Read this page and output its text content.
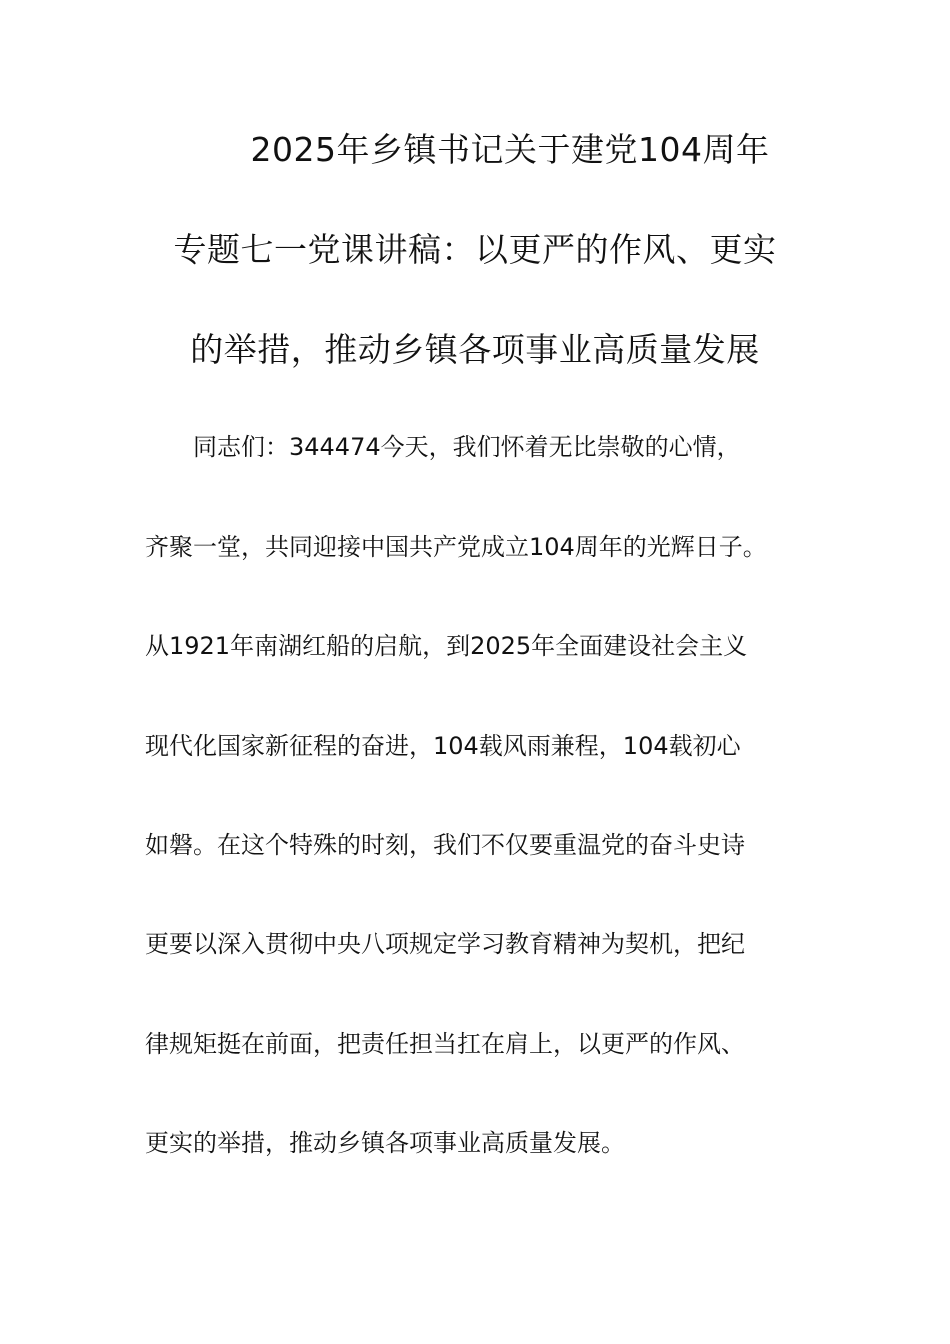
2025年乡镇书记关于建党104周年
专题七一党课讲稿：以更严的作风、更实
的举措，推动乡镇各项事业高质量发展
同志们：344474今天，我们怀着无比崇敬的心情，
齐聚一堂，共同迎接中国共产党成立104周年的光辉日子。
从1921年南湖红船的启航，到2025年全面建设社会主义
现代化国家新征程的奋进，104载风雨兼程，104载初心
如磐。在这个特殊的时刻，我们不仅要重温党的奋斗史诗
更要以深入贯彻中央八项规定学习教育精神为契机，把纪
律规矩挺在前面，把责任担当扛在肩上，以更严的作风、
更实的举措，推动乡镇各项事业高质量发展。
